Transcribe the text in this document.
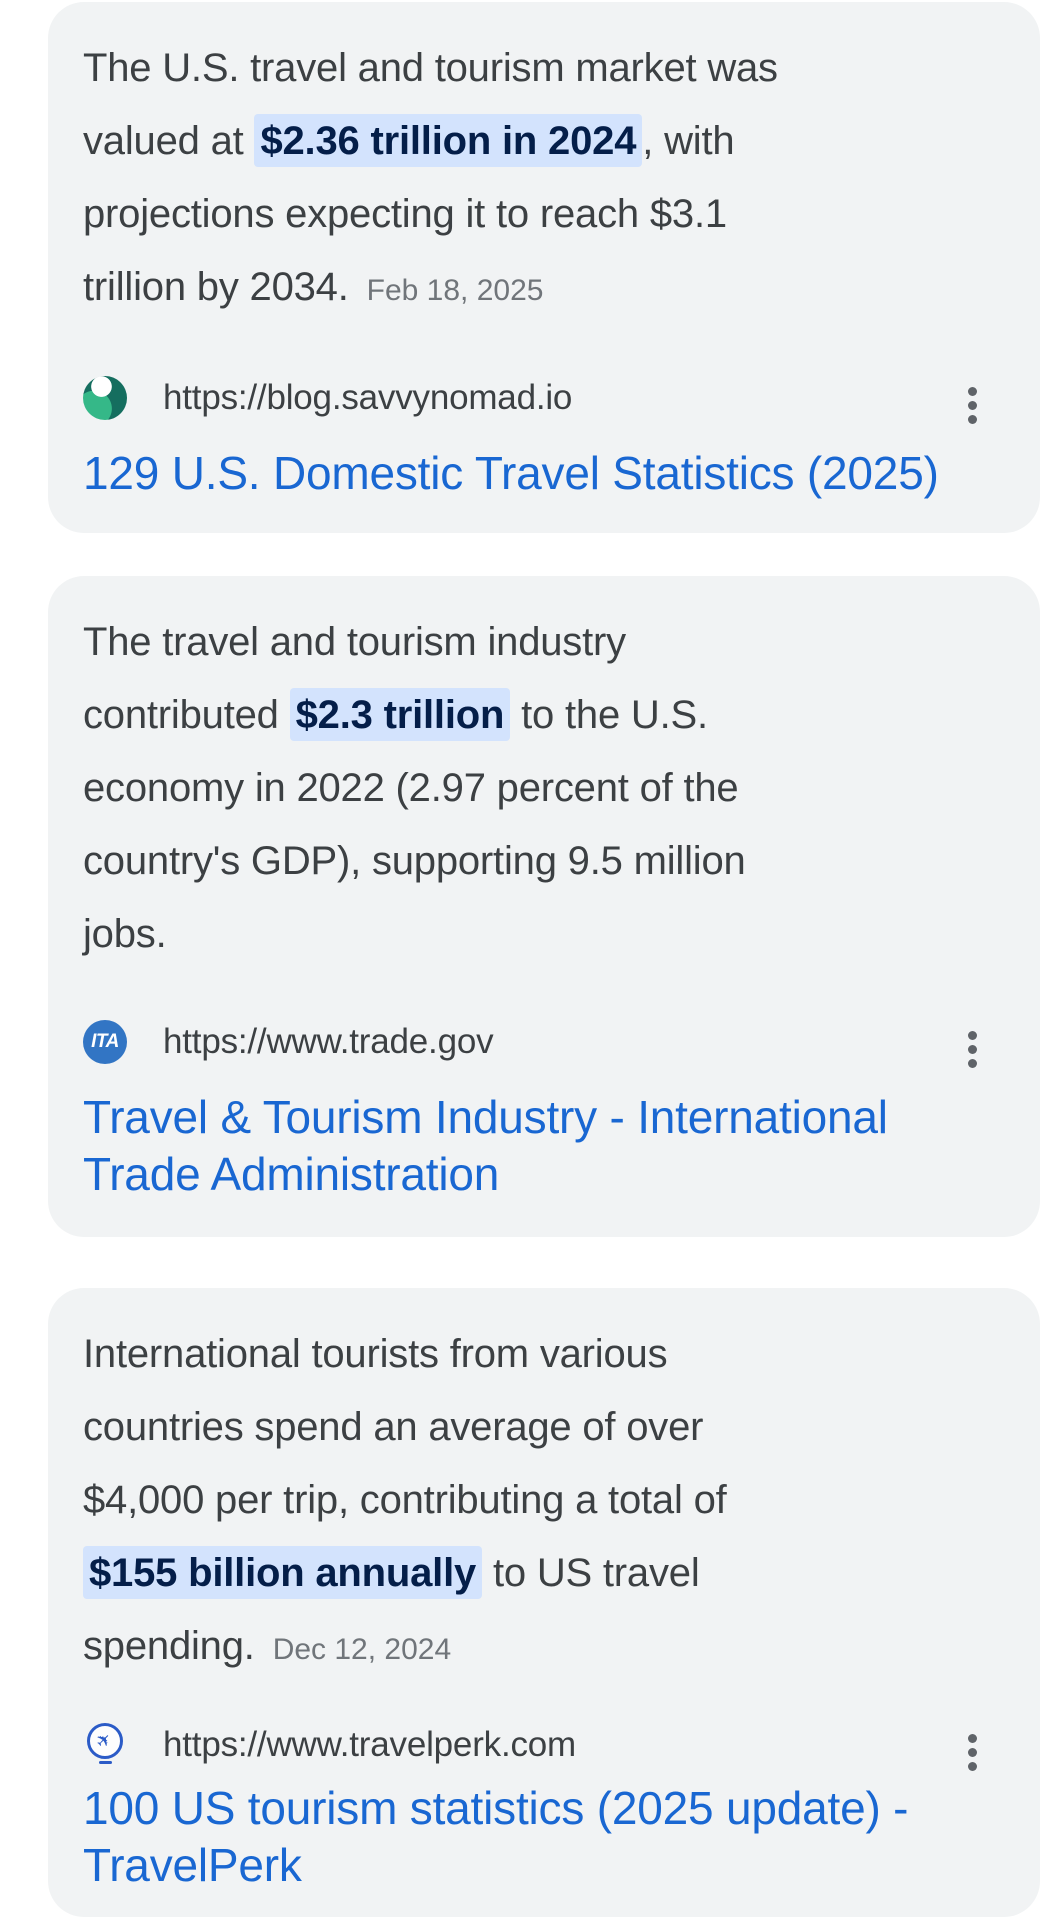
The U.S. travel and tourism market was valued at $2.36 trillion in 2024 , with projections expecting it to reach $3.1 trillion by 2034. Feb 18, 2025

https://blog.savvynomad.io
129 U.S. Domestic Travel Statistics (2025)

The travel and tourism industry contributed $2.3 trillion to the U.S. economy in 2022 (2.97 percent of the country's GDP), supporting 9.5 million jobs.

ITA https://www.trade.gov
Travel & Tourism Industry - International Trade Administration

International tourists from various countries spend an average of over $4,000 per trip, contributing a total of $155 billion annually to US travel spending. Dec 12, 2024

✈ https://www.travelperk.com
100 US tourism statistics (2025 update) - TravelPerk
